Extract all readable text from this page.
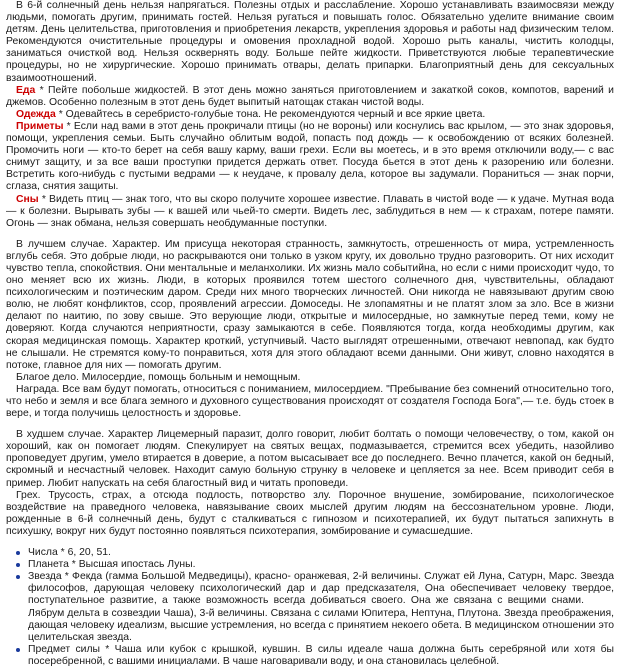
В 6-й солнечный день нельзя напрягаться. Полезны отдых и расслабление. Хорошо устанавливать взаимосвязи между людьми, помогать другим, принимать гостей. Нельзя ругаться и повышать голос. Обязательно уделите внимание своим детям. День целительства, приготовления и приобретения лекарств, укрепления здоровья и работы над физическим телом. Рекомендуются очистительные процедуры и омовения прохладной водой. Хорошо рыть каналы, чистить колодцы, заниматься очисткой вод. Нельзя осквернять воду. Больше пейте жидкости. Приветствуются любые терапевтические процедуры, но не хирургические. Хорошо принимать отвары, делать припарки. Благоприятный день для сексуальных взаимоотношений.

Еда * Пейте побольше жидкостей. В этот день можно заняться приготовлением и закаткой соков, компотов, варений и джемов. Особенно полезным в этот день будет выпитый натощак стакан чистой воды.

Одежда * Одевайтесь в серебристо-голубые тона. Не рекомендуются черный и все яркие цвета.

Приметы * Если над вами в этот день прокричали птицы (но не вороны) или коснулись вас крылом, — это знак здоровья, помощи, укрепления семьи. Быть случайно облитым водой, попасть под дождь — к освобождению от всяких болезней. Промочить ноги — кто-то берет на себя вашу карму, ваши грехи. Если вы моетесь, и в это время отключили воду,— с вас снимут защиту, и за все ваши проступки придется держать ответ. Посуда бьется в этот день к разорению или болезни. Встретить кого-нибудь с пустыми ведрами — к неудаче, к провалу дела, которое вы задумали. Пораниться — знак порчи, сглаза, снятия защиты.

Сны * Видеть птиц — знак того, что вы скоро получите хорошее известие. Плавать в чистой воде — к удаче. Мутная вода — к болезни. Вырывать зубы — к вашей или чьей-то смерти. Видеть лес, заблудиться в нем — к страхам, потере памяти. Огонь — знак обмана, нельзя совершать необдуманные поступки.

В лучшем случае. Характер. Им присуща некоторая странность, замкнутость, отрешенность от мира, устремленность вглубь себя. Это добрые люди, но раскрываются они только в узком кругу, их довольно трудно разговорить. От них исходит чувство тепла, спокойствия. Они ментальные и меланхолики. Их жизнь мало событийна, но если с ними происходит чудо, то оно меняет всю их жизнь. Люди, в которых проявился тотем шестого солнечного дня, чувствительны, обладают психологическим и поэтическим даром. Среди них много творческих личностей. Они никогда не навязывают другим свою волю, не любят конфликтов, ссор, проявлений агрессии. Домоседы. Не злопамятны и не платят злом за зло. Все в жизни делают по наитию, по зову свыше. Это верующие люди, открытые и милосердные, но замкнутые перед теми, кому не доверяют. Когда случаются неприятности, сразу замыкаются в себе. Появляются тогда, когда необходимы другим, как скорая медицинская помощь. Характер кроткий, уступчивый. Часто выглядят отрешенными, отвечают невпопад, как будто не слышали. Не стремятся кому-то понравиться, хотя для этого обладают всеми данными. Они живут, словно находятся в потоке, главное для них — помогать другим.

Благое дело. Милосердие, помощь больным и немощным.

Награда. Все вам будут помогать, относиться с пониманием, милосердием. "Пребывание без сомнений относительно того, что небо и земля и все блага земного и духовного существования происходят от создателя Господа Бога",— т.е. будь стоек в вере, и тогда получишь целостность и здоровье.

В худшем случае. Характер Лицемерный паразит, долго говорит, любит болтать о помощи человечеству, о том, какой он хороший, как он помогает людям. Спекулирует на святых вещах, подмазывается, стремится всех убедить, назойливо проповедует другим, умело втирается в доверие, а потом высасывает все до последнего. Вечно плачется, какой он бедный, скромный и несчастный человек. Находит самую больную струнку в человеке и цепляется за нее. Всем приводит себя в пример. Любит напускать на себя благостный вид и читать проповеди.

Грех. Трусость, страх, а отсюда подлость, потворство злу. Порочное внушение, зомбирование, психологическое воздействие на праведного человека, навязывание своих мыслей другим людям на бессознательном уровне. Люди, рожденные в 6-й солнечный день, будут с сталкиваться с гипнозом и психотерапией, их будут пытаться запихнуть в психушку, вокруг них будут постоянно появляться психотерапия, зомбирование и сумасшедшие.

Числа * 6, 20, 51.
Планета * Высшая ипостась Луны.
Звезда * Фекда (гамма Большой Медведицы), красно- оранжевая, 2-й величины. Служат ей Луна, Сатурн, Марс. Звезда философов, дарующая человеку психологический дар и дар предсказателя, Она обеспечивает человеку твердое, поступательное развитие, а также возможность всегда добиваться своего. Она же связана с вещими снами.Лябрум дельта в созвездии Чаша), 3-й величины. Связана с силами Юпитера, Нептуна, Плутона. Звезда преображения, дающая человеку идеализм, высшие устремления, но всегда с принятием некоего обета. В медицинском отношении это целительская звезда.
Предмет силы * Чаша или кубок с крышкой, кувшин. В силы идеале чаша должна быть серебряной или хотя бы посеребренной, с вашими инициалами. В чаше наговаривали воду, и она становилась целебной.
